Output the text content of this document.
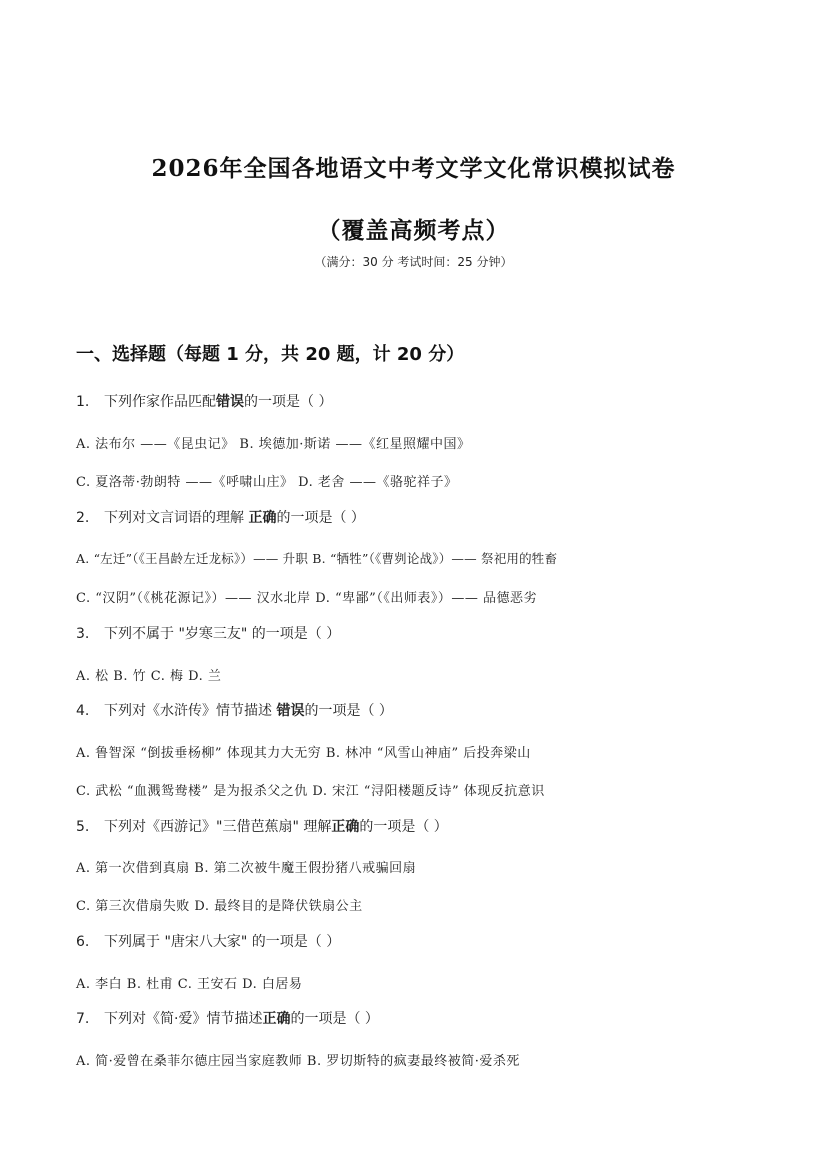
2026年全国各地语文中考文学文化常识模拟试卷
（覆盖高频考点）
（满分：30 分 考试时间：25 分钟）
一、选择题（每题 1 分，共 20 题，计 20 分）
1. 下列作家作品匹配错误的一项是（ ）
A. 法布尔 ——《昆虫记》 B. 埃德加·斯诺 ——《红星照耀中国》
C. 夏洛蒂·勃朗特 ——《呼啸山庄》 D. 老舍 ——《骆驼祥子》
2. 下列对文言词语的理解 正确的一项是（ ）
A. “左迁”（《王昌龄左迁龙标》）—— 升职 B. “牺牲”（《曹刿论战》）—— 祭祀用的牲畜
C. “汉阴”（《桃花源记》）—— 汉水北岸 D. “卑鄙”（《出师表》）—— 品德恶劣
3. 下列不属于 "岁寒三友" 的一项是（ ）
A. 松 B. 竹 C. 梅 D. 兰
4. 下列对《水浒传》情节描述 错误的一项是（ ）
A. 鲁智深 “倒拔垂杨柳” 体现其力大无穷 B. 林冲 “风雪山神庙” 后投奔梁山
C. 武松 “血溅鸳鸯楼” 是为报杀父之仇 D. 宋江 “浔阳楼题反诗” 体现反抗意识
5. 下列对《西游记》"三借芭蕉扇" 理解正确的一项是（ ）
A. 第一次借到真扇 B. 第二次被牛魔王假扮猪八戒骗回扇
C. 第三次借扇失败 D. 最终目的是降伏铁扇公主
6. 下列属于 "唐宋八大家" 的一项是（ ）
A. 李白 B. 杜甫 C. 王安石 D. 白居易
7. 下列对《简·爱》情节描述正确的一项是（ ）
A. 简·爱曾在桑菲尔德庄园当家庭教师 B. 罗切斯特的疯妻最终被简·爱杀死
